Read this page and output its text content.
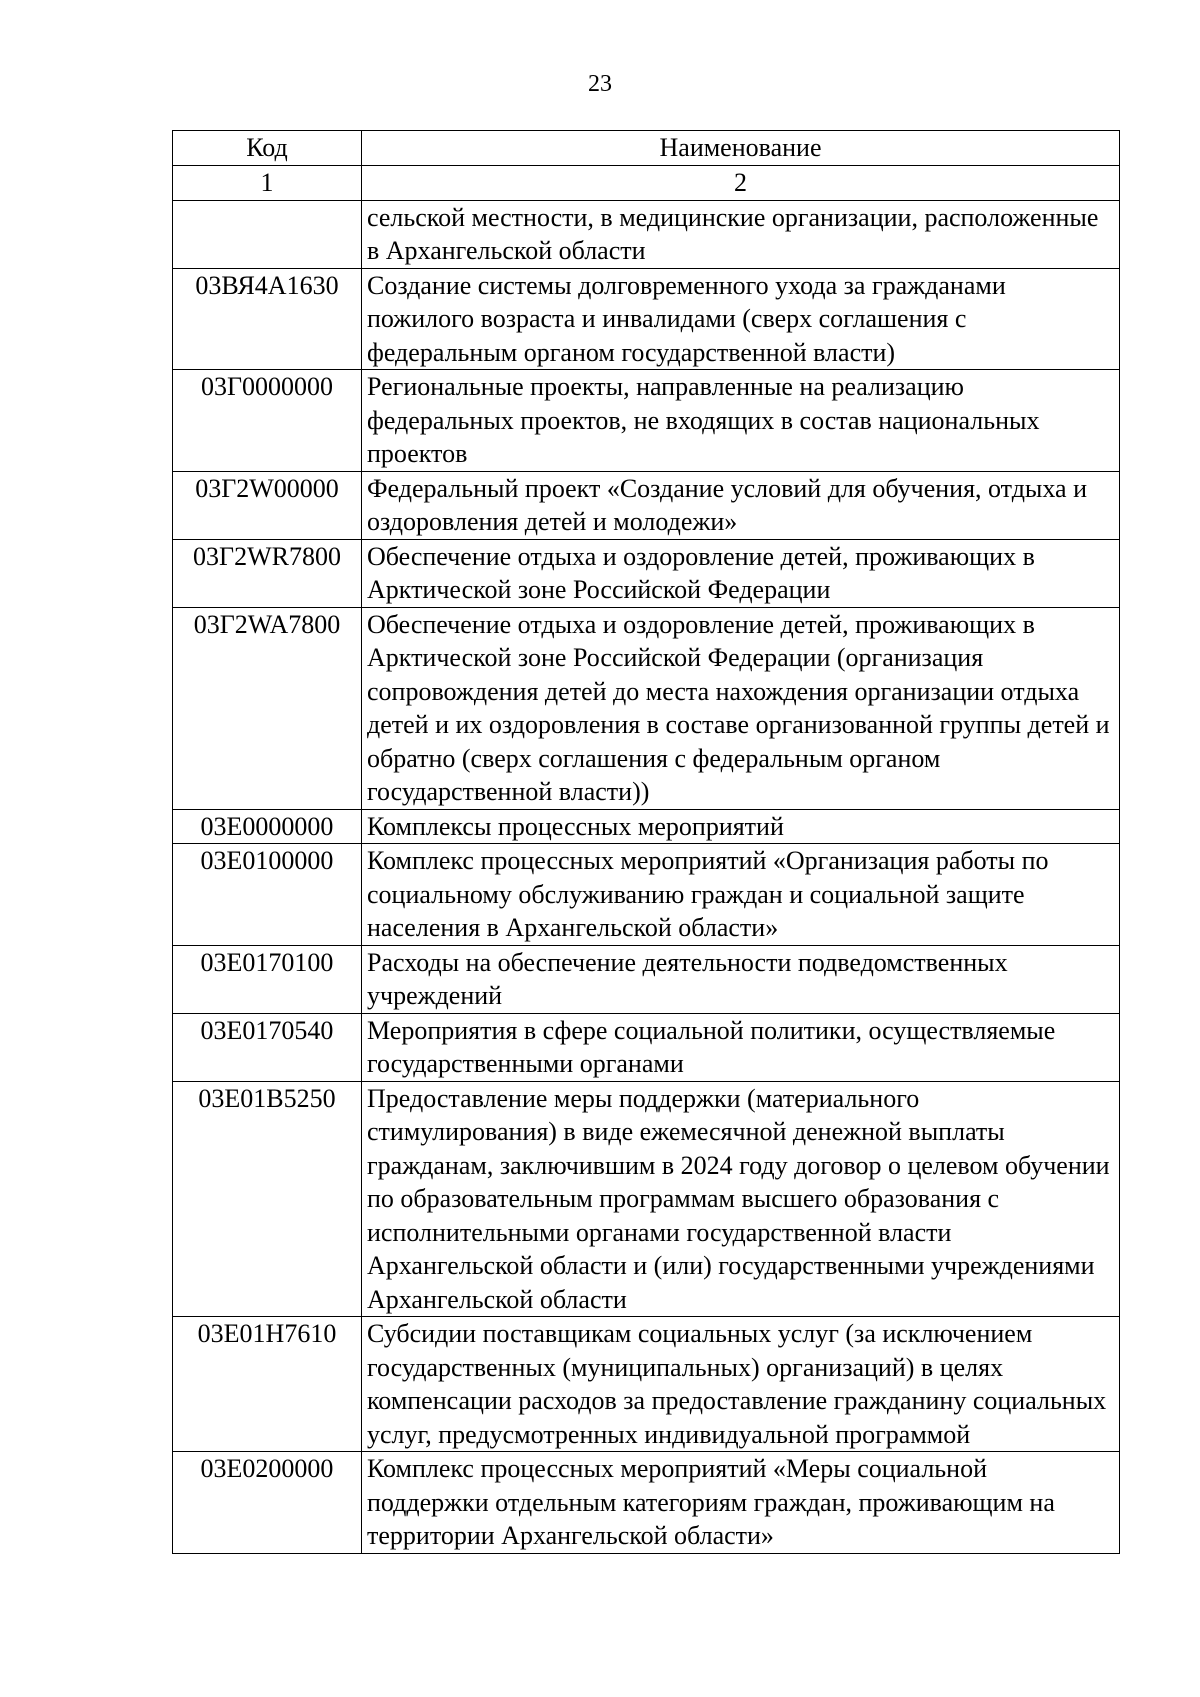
23
Код	Наименование
1	2
	сельской местности, в медицинские организации, расположенные в Архангельской области
03ВЯ4А1630	Создание системы долговременного ухода за гражданами пожилого возраста и инвалидами (сверх соглашения с федеральным органом государственной власти)
03Г0000000	Региональные проекты, направленные на реализацию федеральных проектов, не входящих в состав национальных проектов
03Г2W00000	Федеральный проект «Создание условий для обучения, отдыха и оздоровления детей и молодежи»
03Г2WR7800	Обеспечение отдыха и оздоровление детей, проживающих в Арктической зоне Российской Федерации
03Г2WA7800	Обеспечение отдыха и оздоровление детей, проживающих в Арктической зоне Российской Федерации (организация сопровождения детей до места нахождения организации отдыха детей и их оздоровления в составе организованной группы детей и обратно (сверх соглашения с федеральным органом государственной власти))
03Е0000000	Комплексы процессных мероприятий
03Е0100000	Комплекс процессных мероприятий «Организация работы по социальному обслуживанию граждан и социальной защите населения в Архангельской области»
03Е0170100	Расходы на обеспечение деятельности подведомственных учреждений
03Е0170540	Мероприятия в сфере социальной политики, осуществляемые государственными органами
03Е01В5250	Предоставление меры поддержки (материального стимулирования) в виде ежемесячной денежной выплаты гражданам, заключившим в 2024 году договор о целевом обучении по образовательным программам высшего образования с исполнительными органами государственной власти Архангельской области и (или) государственными учреждениями Архангельской области
03Е01Н7610	Субсидии поставщикам социальных услуг (за исключением государственных (муниципальных) организаций) в целях компенсации расходов за предоставление гражданину социальных услуг, предусмотренных индивидуальной программой
03Е0200000	Комплекс процессных мероприятий «Меры социальной поддержки отдельным категориям граждан, проживающим на территории Архангельской области»
